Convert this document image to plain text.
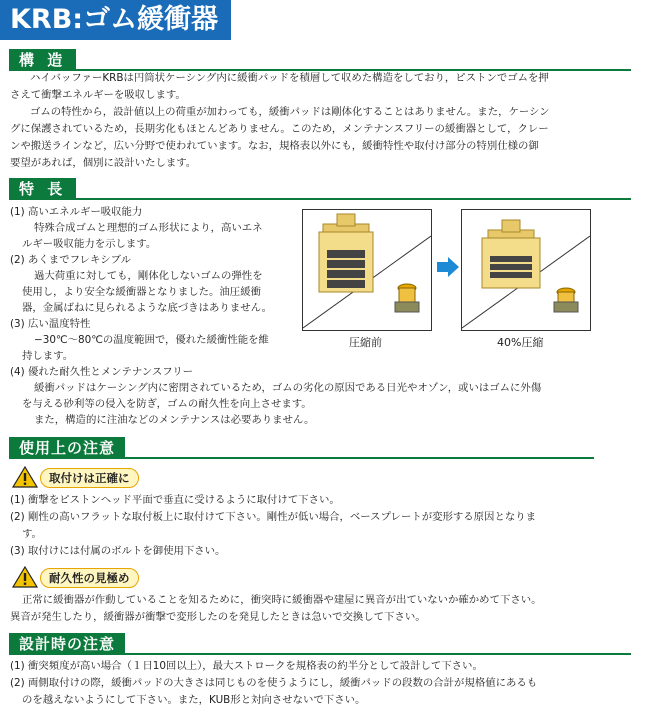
KRB:ゴム緩衝器
構 造
ハイバッファーKRBは円筒状ケーシング内に緩衝パッドを積層して収めた構造をしており，ピストンでゴムを押
さえて衝撃エネルギーを吸収します。
ゴムの特性から，設計値以上の荷重が加わっても，緩衝パッドは剛体化することはありません。また，ケーシン
グに保護されているため，長期劣化もほとんどありません。このため，メンテナンスフリーの緩衝器として，クレー
ンや搬送ラインなど，広い分野で使われています。なお，規格表以外にも，緩衝特性や取付け部分の特別仕様の御
要望があれば，個別に設計いたします。
特 長
(1) 高いエネルギー吸収能力
特殊合成ゴムと理想的ゴム形状により，高いエネ
ルギー吸収能力を示します。
(2) あくまでフレキシブル
過大荷重に対しても，剛体化しないゴムの弾性を
使用し，より安全な緩衝器となりました。油圧緩衝
器，金属ばねに見られるような底づきはありません。
(3) 広い温度特性
−30℃〜80℃の温度範囲で，優れた緩衝性能を維
持します。
(4) 優れた耐久性とメンテナンスフリー
緩衝パッドはケーシング内に密閉されているため，ゴムの劣化の原因である日光やオゾン，或いはゴムに外傷
を与える砂利等の侵入を防ぎ，ゴムの耐久性を向上させます。
また，構造的に注油などのメンテナンスは必要ありません。
圧縮前	40%圧縮
使用上の注意
取付けは正確に
(1) 衝撃をピストンヘッド平面で垂直に受けるように取付けて下さい。
(2) 剛性の高いフラットな取付板上に取付けて下さい。剛性が低い場合，ベースプレートが変形する原因となりま
す。
(3) 取付けには付属のボルトを御使用下さい。
耐久性の見極め
正常に緩衝器が作動していることを知るために，衝突時に緩衝器や建屋に異音が出ていないか確かめて下さい。
異音が発生したり，緩衝器が衝撃で変形したのを発見したときは急いで交換して下さい。
設計時の注意
(1) 衝突頻度が高い場合（１日10回以上），最大ストロークを規格表の約半分として設計して下さい。
(2) 両側取付けの際，緩衝パッドの大きさは同じものを使うようにし，緩衝パッドの段数の合計が規格値にあるも
のを越えないようにして下さい。また，KUB形と対向させないで下さい。
